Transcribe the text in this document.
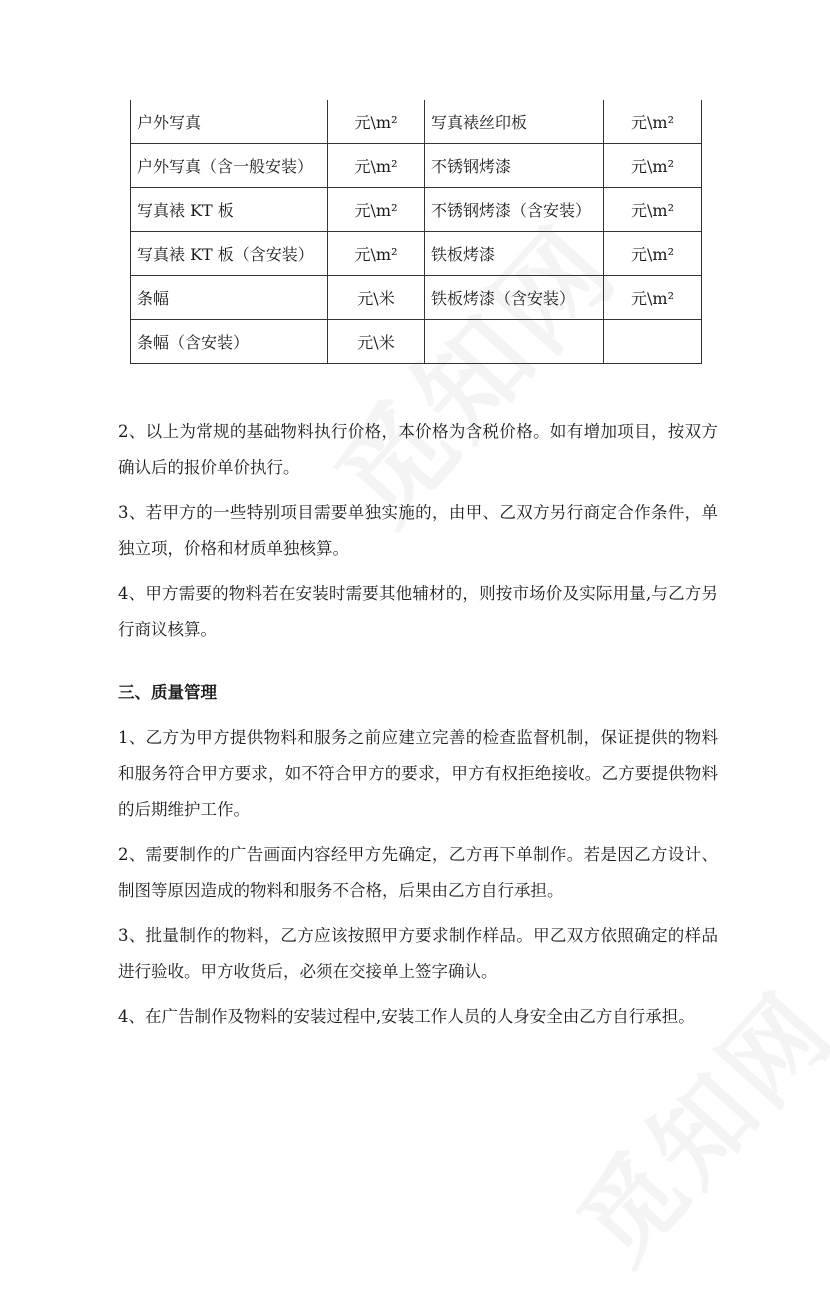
户外写真	元\m²	写真裱丝印板	元\m²
户外写真（含一般安装）	元\m²	不锈钢烤漆	元\m²
写真裱 KT 板	元\m²	不锈钢烤漆（含安装）	元\m²
写真裱 KT 板（含安装）	元\m²	铁板烤漆	元\m²
条幅	元\米	铁板烤漆（含安装）	元\m²
条幅（含安装）	元\米		

2、以上为常规的基础物料执行价格，本价格为含税价格。如有增加项目，按双方确认后的报价单价执行。

3、若甲方的一些特别项目需要单独实施的，由甲、乙双方另行商定合作条件，单独立项，价格和材质单独核算。

4、甲方需要的物料若在安装时需要其他辅材的，则按市场价及实际用量,与乙方另行商议核算。

三、质量管理

1、乙方为甲方提供物料和服务之前应建立完善的检查监督机制，保证提供的物料和服务符合甲方要求，如不符合甲方的要求，甲方有权拒绝接收。乙方要提供物料的后期维护工作。

2、需要制作的广告画面内容经甲方先确定，乙方再下单制作。若是因乙方设计、制图等原因造成的物料和服务不合格，后果由乙方自行承担。

3、批量制作的物料，乙方应该按照甲方要求制作样品。甲乙双方依照确定的样品进行验收。甲方收货后，必须在交接单上签字确认。

4、在广告制作及物料的安装过程中,安装工作人员的人身安全由乙方自行承担。
